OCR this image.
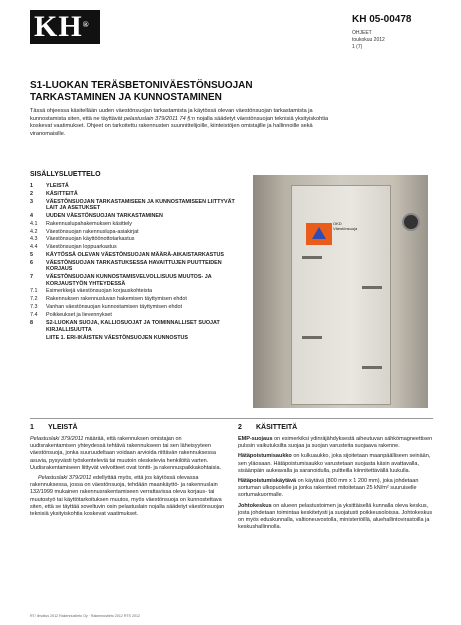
KH®	KH 05-00478
OHJEET
toukokuu 2012
1 (7)
S1-LUOKAN TERÄSBETONIVÄESTÖNSUOJAN
TARKASTAMINEN JA KUNNOSTAMINEN
Tässä ohjeessa käsitellään uuden väestönsuojan tarkastamista ja käytössä olevan väestönsuojan tarkastamista ja kunnostamista siten, että ne täyttävät pelastuslain 379/2011 74 §:n nojalla säädetyt väestönsuojan teknisiä yksityiskohtia koskevat vaatimukset. Ohjeet on tarkoitettu rakennusten suunnittelijoille, kiinteistöjen omistajille ja hallinnoille sekä viranomaisille.
SISÄLLYSLUETTELO
1	YLEISTÄ
2	KÄSITTEITÄ
3	VÄESTÖNSUOJAN TARKASTAMISEEN JA KUNNOSTAMISEEN LIITTYVÄT LAIT JA ASETUKSET
4	UUDEN VÄESTÖNSUOJAN TARKASTAMINEN
4.1	Rakennuslupahakemuksen käsittely
4.2	Väestönsuojan rakennuslupa-asiakirjat
4.3	Väestönsuojan käyttöönottotarkastus
4.4	Väestönsuojan loppuarkastus
5	KÄYTÖSSÄ OLEVAN VÄESTÖNSUOJAN MÄÄRÄ-AIKAISTARKASTUS
6	VÄESTÖNSUOJAN TARKASTUKSESSA HAVAITTUJEN PUUTTEIDEN KORJAUS
7	VÄESTÖNSUOJAN KUNNOSTAMISVELVOLLISUUS MUUTOS- JA KORJAUSTYÖN YHTEYDESSÄ
7.1	Esimerkkejä väestönsuojan korjauskohteista
7.2	Rakennuksen rakennusluvan hakemisen täyttymisen ehdot
7.3	Vanhan väestönsuojan kunnostamisen täyttymisen ehdot
7.4	Poikkeukset ja lievennykset
8	S2-LUOKAN SUOJA, KALLIOSUOJAT JA TOIMINNALLISET SUOJAT
KIRJALLISUUTTA
LIITE 1. ERI-IKÄISTEN VÄESTÖNSUOJEN KUNNOSTUS
OKD
Väestönsuoja
1 YLEISTÄ

Pelastuslaki 379/2011 määrää, että rakennuksen omistajan on uudisrakentamisen yhteydessä tehtävä rakennukseen tai sen läheisyyteen väestönsuoja, jonka suuruudeltaan voidaan arvioida riittävän rakennuksessa asuvia, pysyvästi työskenteleviä tai muutoin oleskelevia henkilöitä varten. Uudisrakentamiseen liittyvät velvoitteet ovat tontti- ja rakennuspaikkakohtaisia.

Pelastuslaki 379/2011 edellyttää myös, että jos käytössä olevassa rakennuksessa, jossa on väestönsuoja, tehdään maankäyttö- ja rakennuslain 132/1999 mukainen rakennusrakentamiseen verrattavissa oleva korjaus- tai muutostyö tai käyttötarkoituksen muutos, myös väestönsuoja on kunnostettava siten, että se täyttää soveltuvin osin pelastuslain nojalla säädetyt väestönsuojan teknisiä yksityiskohtia koskevat vaatimukset.

2 KÄSITTEITÄ

EMP-suojaus on esimerkiksi ydinräjähdyksestä aiheutuvan sähkömagneettisen pulssin vaikutuksilta suojaa ja suojan varusteita suojaava rakenne.

Hätäpoistumisaukko on kulkuaukko, joka sijoitetaan maanpäälliseen seinään, sen yläosaan. Hätäpoistumisaukko varustetaan suojasta käsin avattavalla, sisäänpäin aukeavalla ja saranoidulla, pultteilla kiinnitettävällä luukulla.

Hätäpoistumiskäytävä on käytävä (800 mm x 1 200 mm), joka johdetaan sortuman ulkopuolelle ja jonka rakenteet mitoitetaan 25 kN/m² suuruiselle sortumakuormalle.

Johtokeskus on alueen pelastustoimen ja yksittäisellä kunnalla oleva keskus, josta johdetaan toimintaa keskitetysti ja suojatusti poikkeusoloissa. Johtokeskus on myös eduskunnalla, valtioneuvostolla, ministeriöillä, aluehallintovirastoilla ja keskushallinnolla.

RT/ Ilmoitus 2012 Rakennustieto Oy · Rakennustieto 2012 RTS 2012
